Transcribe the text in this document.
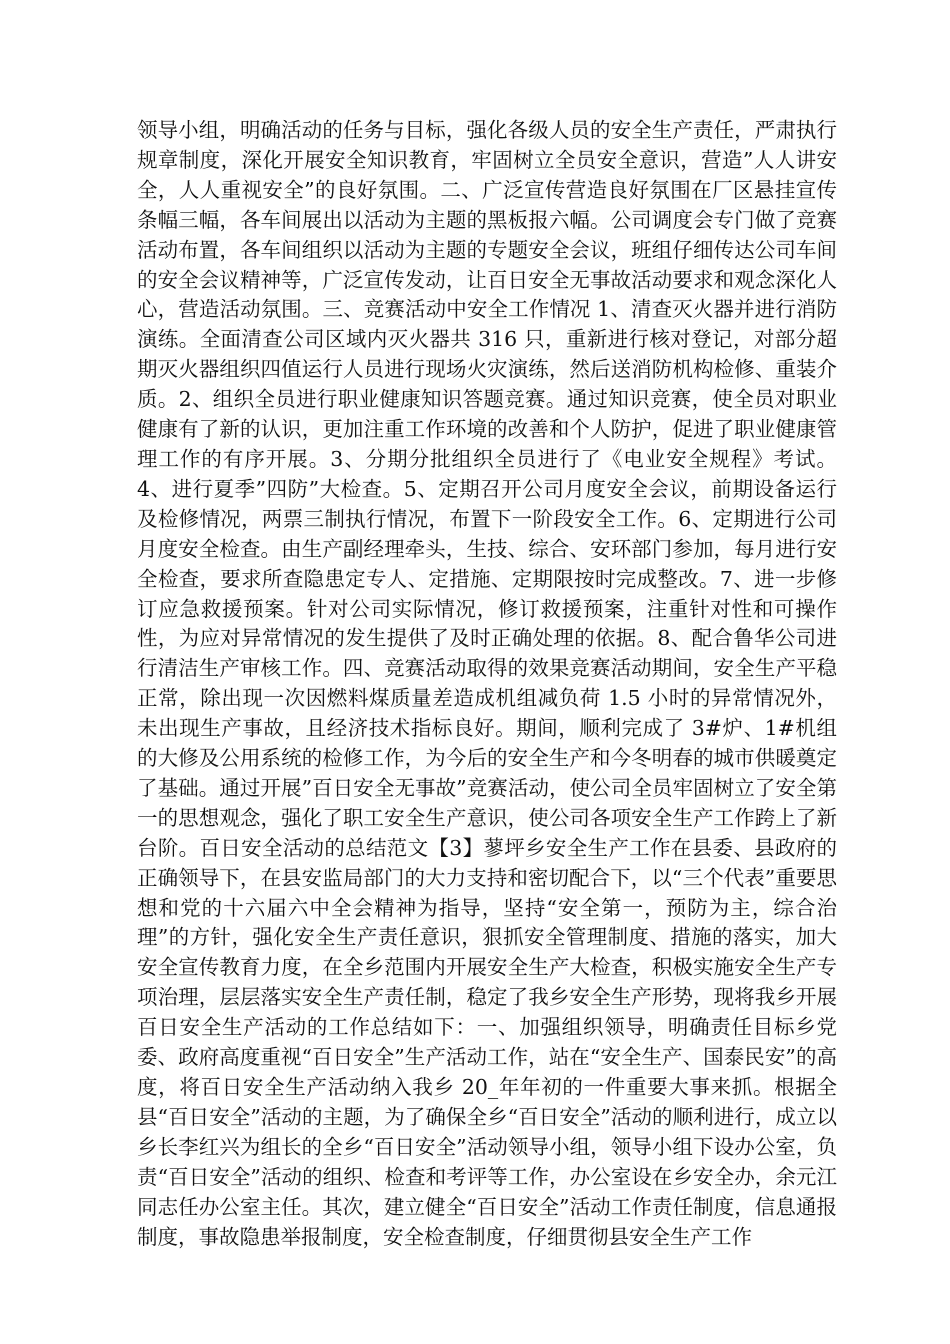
领导小组，明确活动的任务与目标，强化各级人员的安全生产责任，严肃执行规章制度，深化开展安全知识教育，牢固树立全员安全意识，营造”人人讲安全，人人重视安全”的良好氛围。二、广泛宣传营造良好氛围在厂区悬挂宣传条幅三幅，各车间展出以活动为主题的黑板报六幅。公司调度会专门做了竞赛活动布置，各车间组织以活动为主题的专题安全会议，班组仔细传达公司车间的安全会议精神等，广泛宣传发动，让百日安全无事故活动要求和观念深化人心，营造活动氛围。三、竞赛活动中安全工作情况 1、清查灭火器并进行消防演练。全面清查公司区域内灭火器共 316 只，重新进行核对登记，对部分超期灭火器组织四值运行人员进行现场火灾演练，然后送消防机构检修、重装介质。2、组织全员进行职业健康知识答题竞赛。通过知识竞赛，使全员对职业健康有了新的认识，更加注重工作环境的改善和个人防护，促进了职业健康管理工作的有序开展。3、分期分批组织全员进行了《电业安全规程》考试。4、进行夏季”四防”大检查。5、定期召开公司月度安全会议，前期设备运行及检修情况，两票三制执行情况，布置下一阶段安全工作。6、定期进行公司月度安全检查。由生产副经理牵头，生技、综合、安环部门参加，每月进行安全检查，要求所查隐患定专人、定措施、定期限按时完成整改。7、进一步修订应急救援预案。针对公司实际情况，修订救援预案，注重针对性和可操作性，为应对异常情况的发生提供了及时正确处理的依据。8、配合鲁华公司进行清洁生产审核工作。四、竞赛活动取得的效果竞赛活动期间，安全生产平稳正常，除出现一次因燃料煤质量差造成机组减负荷 1.5 小时的异常情况外，未出现生产事故，且经济技术指标良好。期间，顺利完成了 3#炉、1#机组的大修及公用系统的检修工作，为今后的安全生产和今冬明春的城市供暖奠定了基础。通过开展”百日安全无事故”竞赛活动，使公司全员牢固树立了安全第一的思想观念，强化了职工安全生产意识，使公司各项安全生产工作跨上了新台阶。百日安全活动的总结范文【3】蓼坪乡安全生产工作在县委、县政府的正确领导下，在县安监局部门的大力支持和密切配合下，以“三个代表”重要思想和党的十六届六中全会精神为指导，坚持“安全第一，预防为主，综合治理”的方针，强化安全生产责任意识，狠抓安全管理制度、措施的落实，加大安全宣传教育力度，在全乡范围内开展安全生产大检查，积极实施安全生产专项治理，层层落实安全生产责任制，稳定了我乡安全生产形势，现将我乡开展百日安全生产活动的工作总结如下：一、加强组织领导，明确责任目标乡党委、政府高度重视“百日安全”生产活动工作，站在“安全生产、国泰民安”的高度，将百日安全生产活动纳入我乡 20_年年初的一件重要大事来抓。根据全县“百日安全”活动的主题，为了确保全乡“百日安全”活动的顺利进行，成立以乡长李红兴为组长的全乡“百日安全”活动领导小组，领导小组下设办公室，负责“百日安全”活动的组织、检查和考评等工作，办公室设在乡安全办，余元江同志任办公室主任。其次，建立健全“百日安全”活动工作责任制度，信息通报制度，事故隐患举报制度，安全检查制度，仔细贯彻县安全生产工作
